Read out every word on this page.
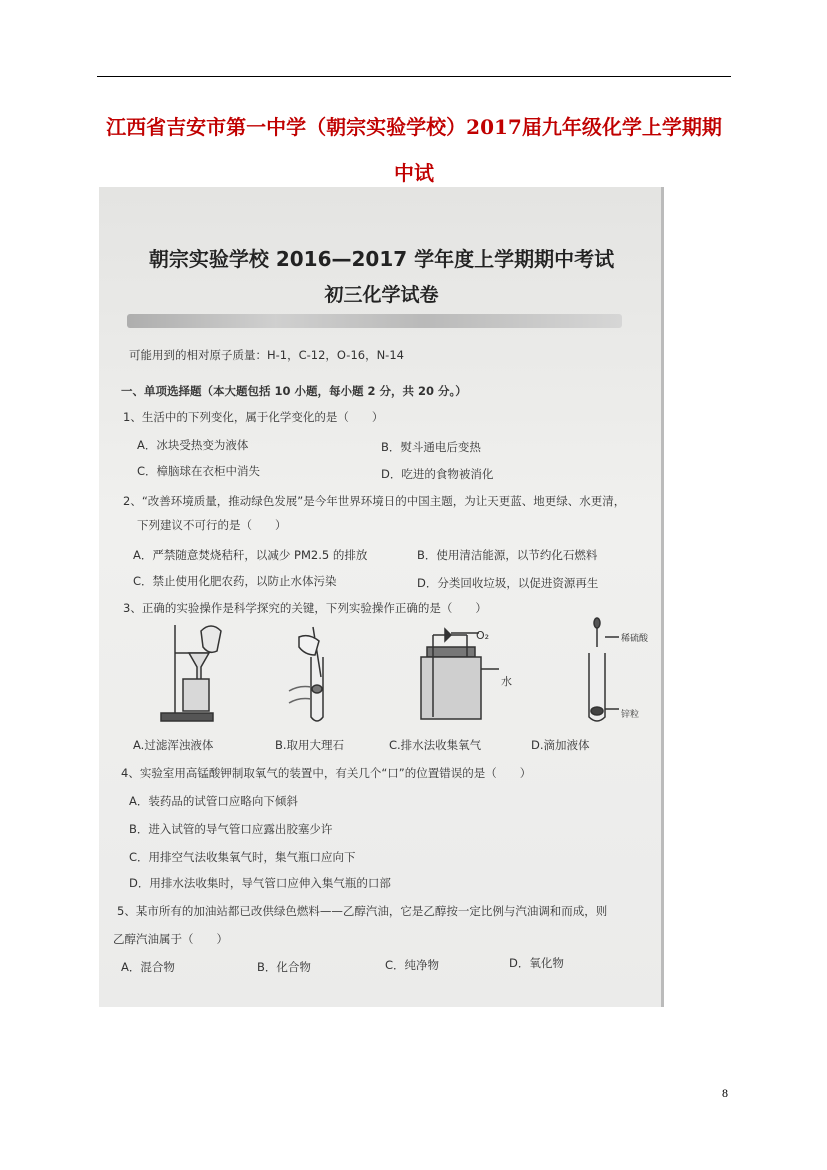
江西省吉安市第一中学（朝宗实验学校）2017届九年级化学上学期期中试
朝宗实验学校 2016—2017 学年度上学期期中考试
初三化学试卷
可能用到的相对原子质量：H-1，C-12，O-16，N-14
一、单项选择题（本大题包括 10 小题，每小题 2 分，共 20 分。）
1、生活中的下列变化，属于化学变化的是（　　）
A．冰块受热变为液体	B．熨斗通电后变热
C．樟脑球在衣柜中消失	D．吃进的食物被消化
2、“改善环境质量，推动绿色发展”是今年世界环境日的中国主题，为让天更蓝、地更绿、水更清，
下列建议不可行的是（　　）
A．严禁随意焚烧秸秆，以减少 PM2.5 的排放	B．使用清洁能源，以节约化石燃料
C．禁止使用化肥农药，以防止水体污染	D．分类回收垃圾，以促进资源再生
3、正确的实验操作是科学探究的关键，下列实验操作正确的是（　　）
O₂
水
稀硫酸
锌粒
A.过滤浑浊液体	B.取用大理石	C.排水法收集氧气	D.滴加液体
4、实验室用高锰酸钾制取氧气的装置中，有关几个“口”的位置错误的是（　　）
A．装药品的试管口应略向下倾斜
B．进入试管的导气管口应露出胶塞少许
C．用排空气法收集氧气时，集气瓶口应向下
D．用排水法收集时，导气管口应伸入集气瓶的口部
5、某市所有的加油站都已改供绿色燃料——乙醇汽油，它是乙醇按一定比例与汽油调和而成，则
乙醇汽油属于（　　）
A．混合物	B．化合物	C．纯净物	D．氧化物
8
